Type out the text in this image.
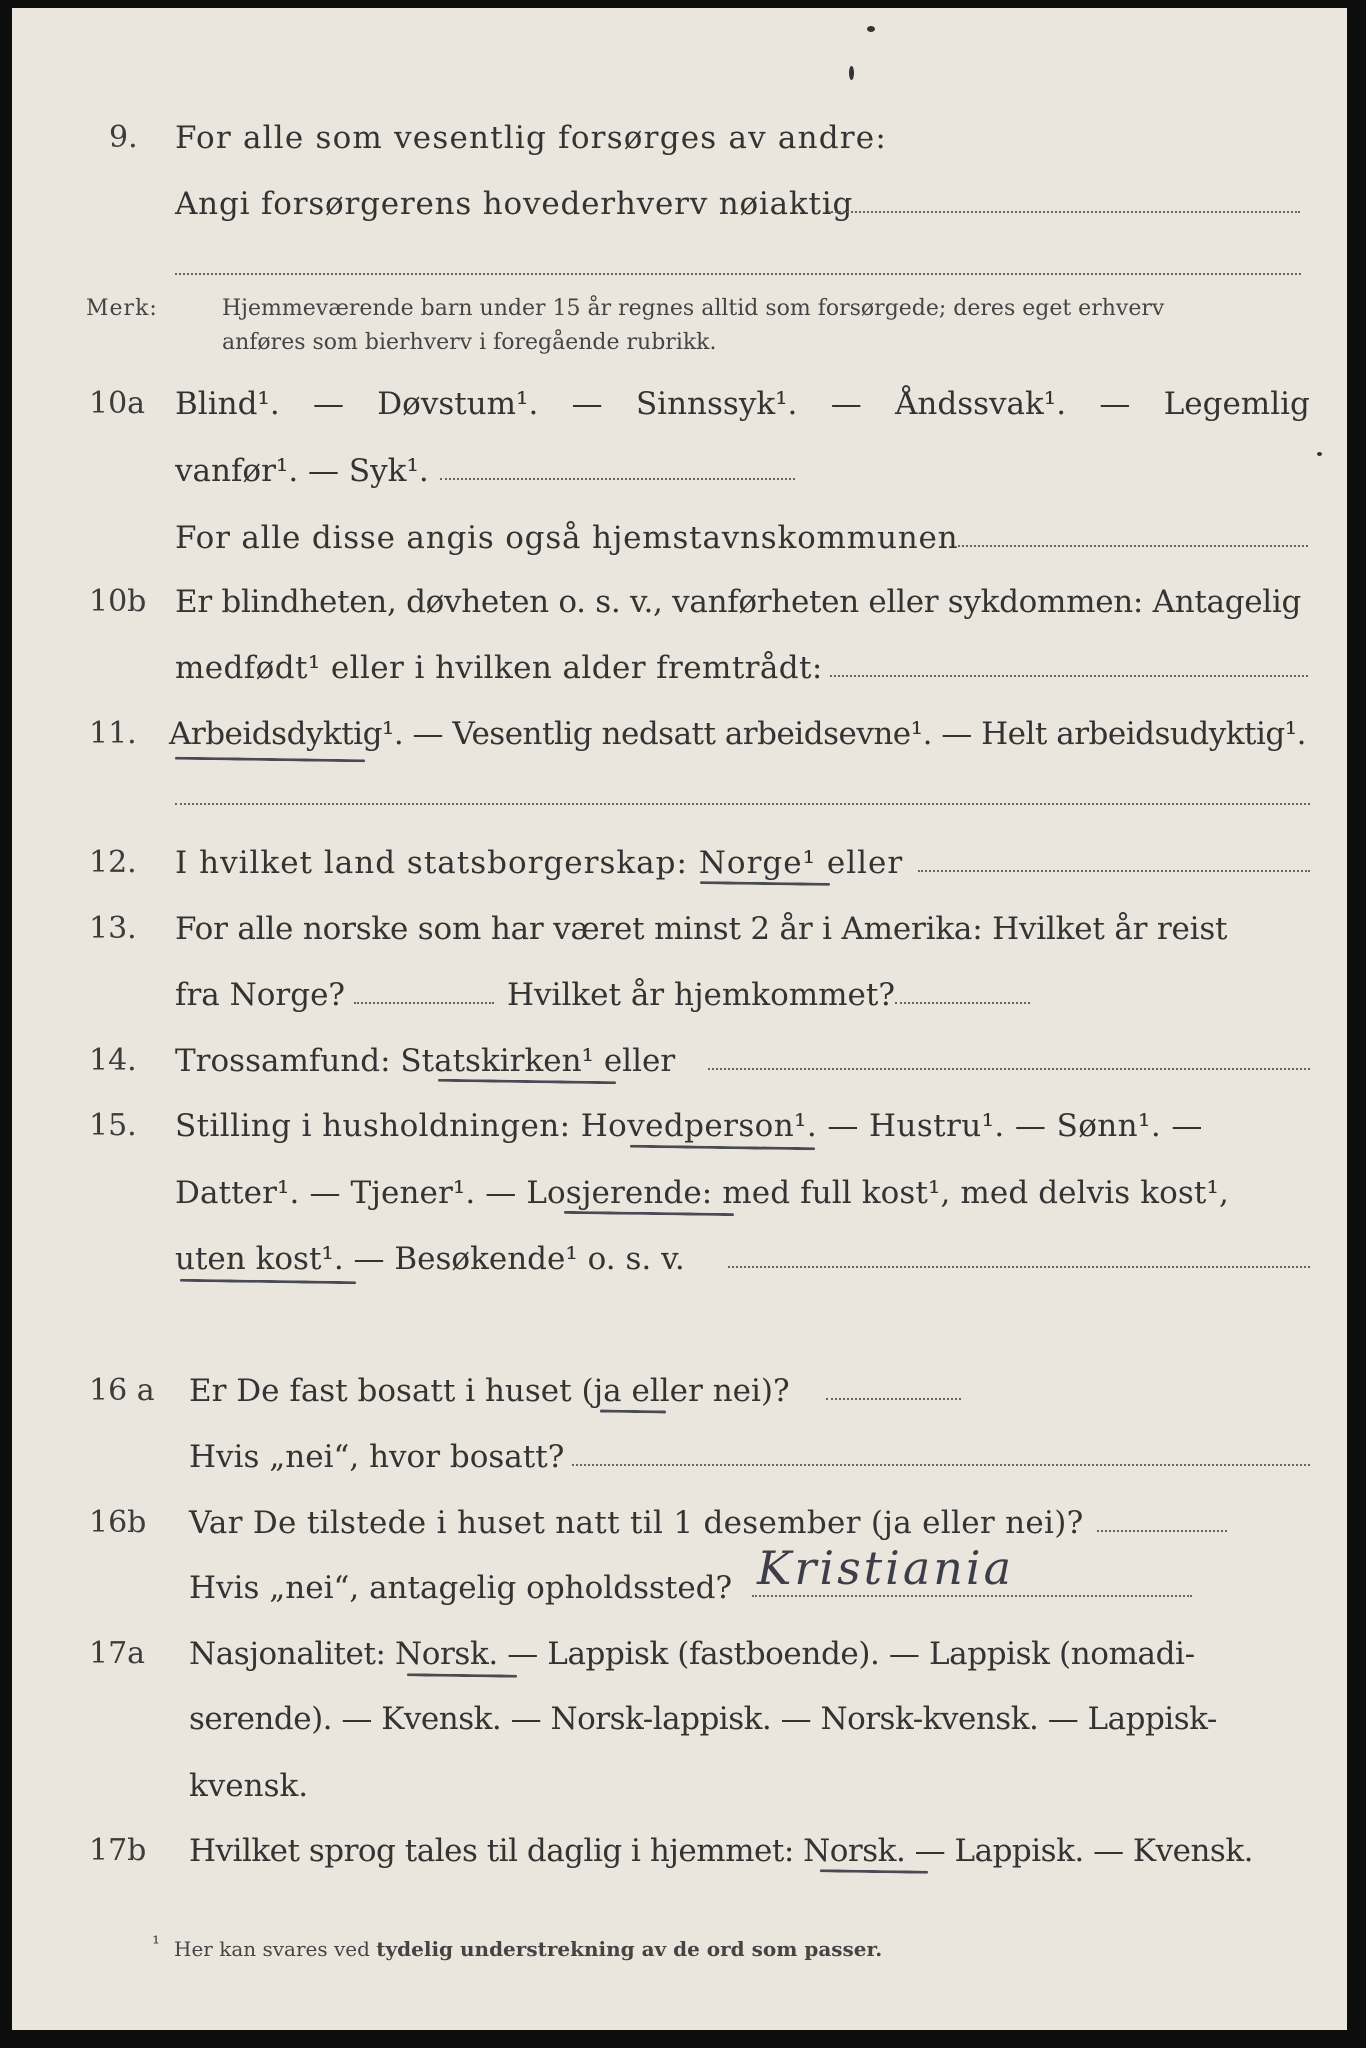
9. For alle som vesentlig forsørges av andre:
Angi forsørgerens hovederhverv nøiaktig
Merk:	Hjemmeværende barn under 15 år regnes alltid som forsørgede; deres eget erhverv
anføres som bierhverv i foregående rubrikk.
10a Blind¹. — Døvstum¹. — Sinnssyk¹. — Åndssvak¹. — Legemlig
vanfør¹. — Syk¹.
For alle disse angis også hjemstavnskommunen
10b Er blindheten, døvheten o. s. v., vanførheten eller sykdommen: Antagelig
medfødt¹ eller i hvilken alder fremtrådt:
11. Arbeidsdyktig¹. — Vesentlig nedsatt arbeidsevne¹. — Helt arbeidsudyktig¹.
12. I hvilket land statsborgerskap: Norge¹ eller
13. For alle norske som har været minst 2 år i Amerika: Hvilket år reist
fra Norge?	Hvilket år hjemkommet?
14. Trossamfund: Statskirken¹ eller
15. Stilling i husholdningen: Hovedperson¹. — Hustru¹. — Sønn¹. —
Datter¹. — Tjener¹. — Losjerende: med full kost¹, med delvis kost¹,
uten kost¹. — Besøkende¹ o. s. v.
16 a Er De fast bosatt i huset (ja eller nei)?
Hvis „nei“, hvor bosatt?
16b Var De tilstede i huset natt til 1 desember (ja eller nei)?
Hvis „nei“, antagelig opholdssted? Kristiania
17a Nasjonalitet: Norsk. — Lappisk (fastboende). — Lappisk (nomadi-
serende). — Kvensk. — Norsk-lappisk. — Norsk-kvensk. — Lappisk-
kvensk.
17b Hvilket sprog tales til daglig i hjemmet: Norsk. — Lappisk. — Kvensk.
¹ Her kan svares ved tydelig understrekning av de ord som passer.
